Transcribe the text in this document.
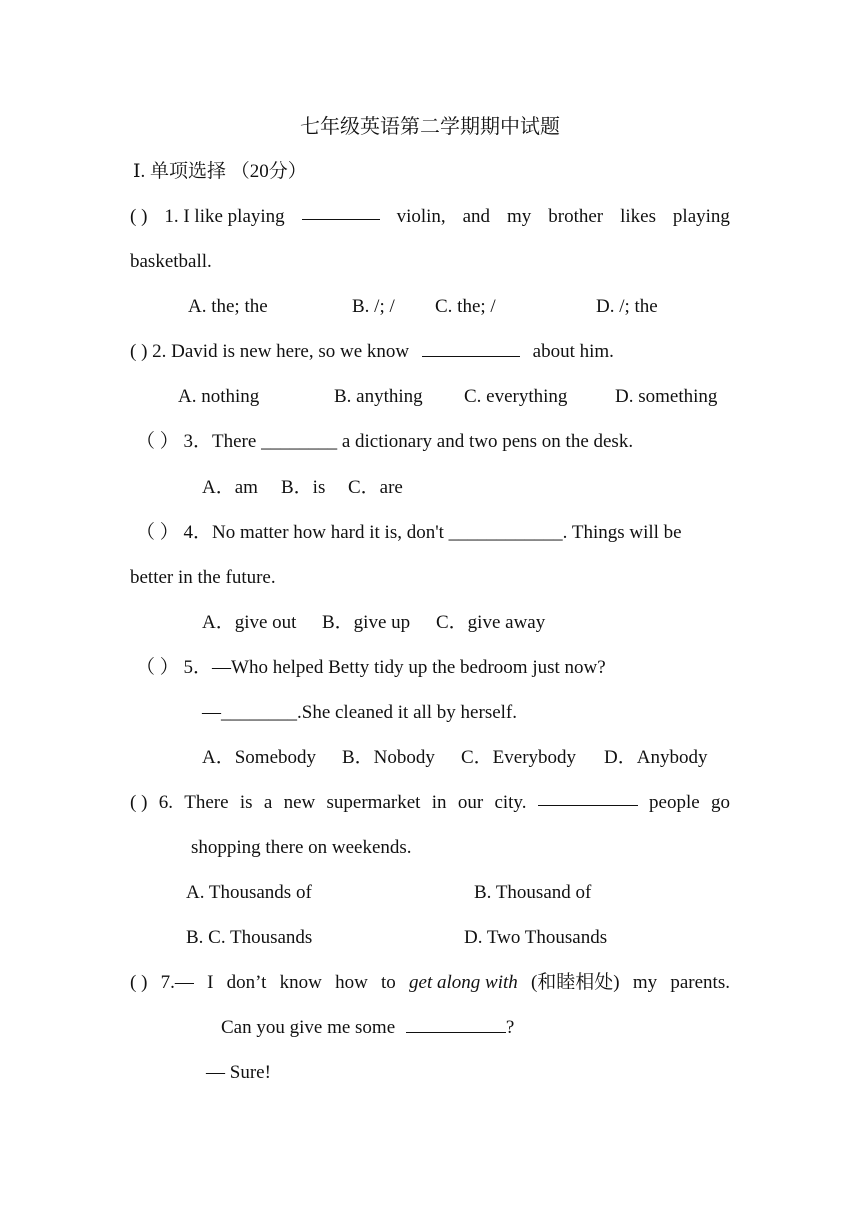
七年级英语第二学期期中试题
Ⅰ. 单项选择 （20分）
( ) 1. I like playing	violin, and my brother likes playing
basketball.
A. the; the	B. /; / C. the; /	D. /; the
( ) 2. David is new here, so we know	about him.
A. nothing	B. anything C. everything	D. something
（ ） 3．There ________ a dictionary and two pens on the desk.
A．am B．is C．are
（ ） 4．No matter how hard it is, don't ____________. Things will be
better in the future.
A．give out B．give up C．give away
（ ） 5．—Who helped Betty tidy up the bedroom just now?
—________.She cleaned it all by herself.
A．Somebody B．Nobody C．Everybody D．Anybody
( ) 6. There is a new supermarket in our city.	people go
shopping there on weekends.
A. Thousands of	B. Thousand of
B. C. Thousands	D. Two Thousands
( ) 7.— I don’t know how to get along with (和睦相处) my parents.
Can you give me some	?
— Sure!
